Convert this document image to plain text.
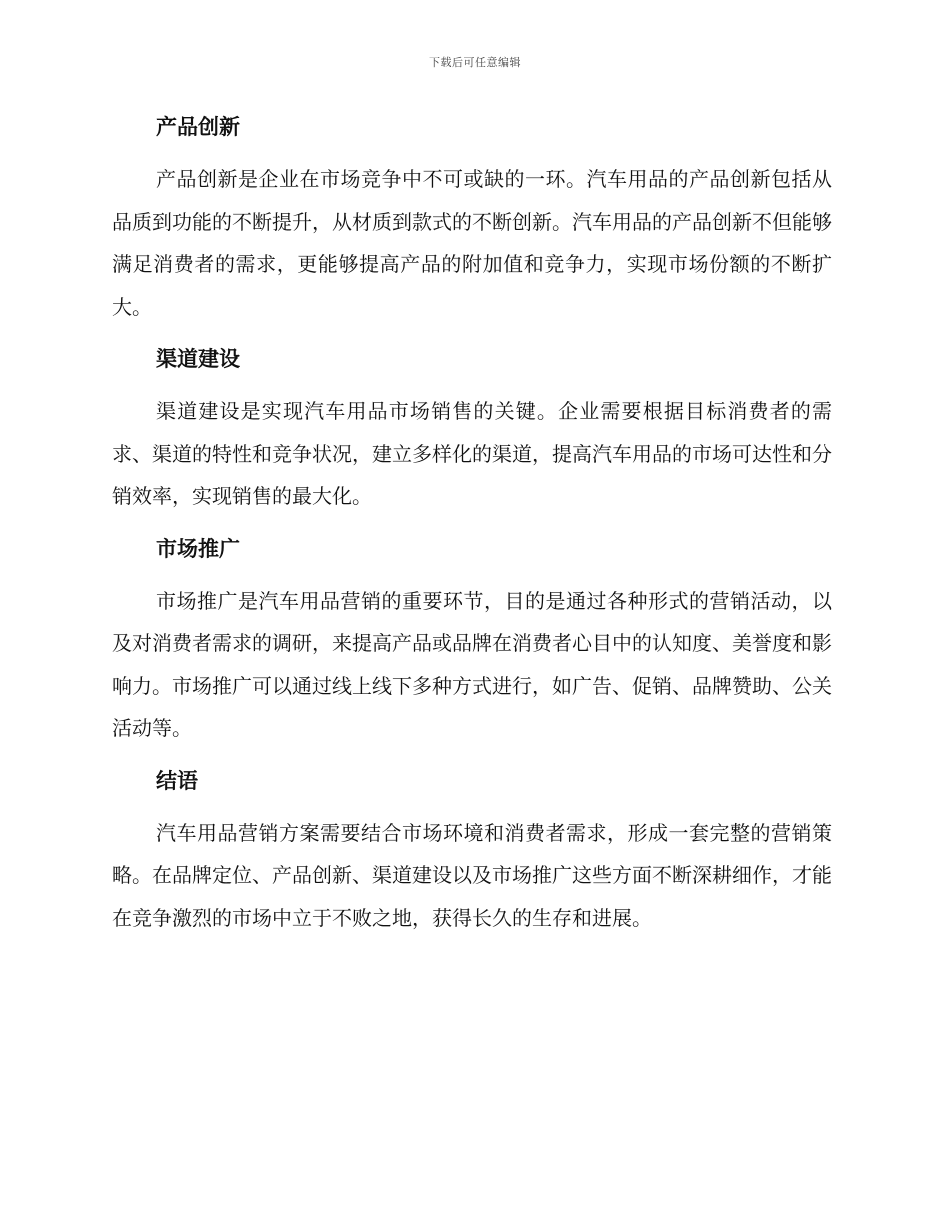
下载后可任意编辑
产品创新

产品创新是企业在市场竞争中不可或缺的一环。汽车用品的产品创新包括从品质到功能的不断提升，从材质到款式的不断创新。汽车用品的产品创新不但能够满足消费者的需求，更能够提高产品的附加值和竞争力，实现市场份额的不断扩大。

渠道建设

渠道建设是实现汽车用品市场销售的关键。企业需要根据目标消费者的需求、渠道的特性和竞争状况，建立多样化的渠道，提高汽车用品的市场可达性和分销效率，实现销售的最大化。

市场推广

市场推广是汽车用品营销的重要环节，目的是通过各种形式的营销活动，以及对消费者需求的调研，来提高产品或品牌在消费者心目中的认知度、美誉度和影响力。市场推广可以通过线上线下多种方式进行，如广告、促销、品牌赞助、公关活动等。

结语

汽车用品营销方案需要结合市场环境和消费者需求，形成一套完整的营销策略。在品牌定位、产品创新、渠道建设以及市场推广这些方面不断深耕细作，才能在竞争激烈的市场中立于不败之地，获得长久的生存和进展。
